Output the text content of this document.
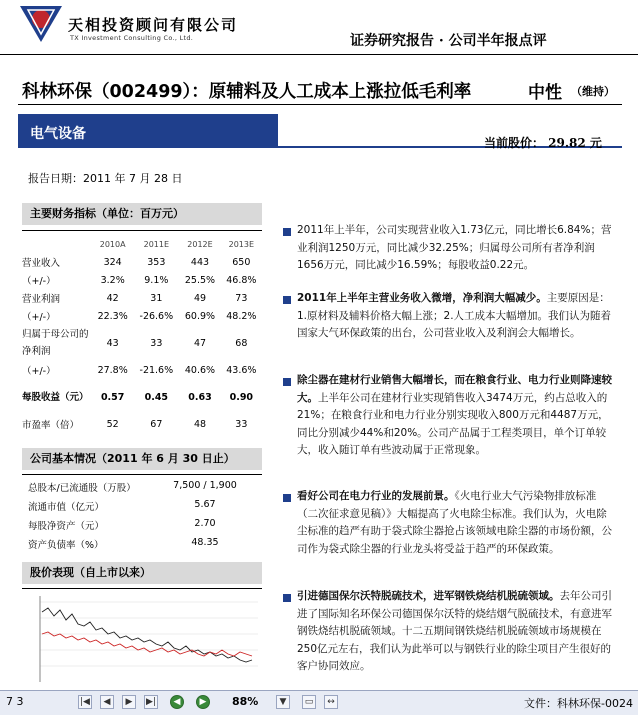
天相投资顾问有限公司
TX Investment Consulting Co., Ltd.	证券研究报告 · 公司半年报点评
科林环保（002499）：原辅料及人工成本上涨拉低毛利率	中性 （维持）
电气设备
当前股价： 29.82 元
报告日期：2011 年 7 月 28 日
主要财务指标（单位：百万元）
	2010A	2011E	2012E	2013E
营业收入	324	353	443	650
（+/-）	3.2%	9.1%	25.5%	46.8%
营业利润	42	31	49	73
（+/-）	22.3%	-26.6%	60.9%	48.2%
归属于母公司的净利润	43	33	47	68
（+/-）	27.8%	-21.6%	40.6%	43.6%
每股收益（元）	0.57	0.45	0.63	0.90
市盈率（倍）	52	67	48	33
公司基本情况（2011 年 6 月 30 日止）
总股本/已流通股（万股）	7,500 / 1,900
流通市值（亿元）	5.67
每股净资产（元）	2.70
资产负债率（%）	48.35
股价表现（自上市以来）
2011年上半年，公司实现营业收入1.73亿元，同比增长6.84%；营业利润1250万元，同比减少32.25%；归属母公司所有者净利润1656万元，同比减少16.59%；每股收益0.22元。
2011年上半年主营业务收入微增，净利润大幅减少。主要原因是：1.原材料及辅料价格大幅上涨；2.人工成本大幅增加。我们认为随着国家大气环保政策的出台，公司营业收入及利润会大幅增长。
除尘器在建材行业销售大幅增长，而在粮食行业、电力行业则降速较大。上半年公司在建材行业实现销售收入3474万元，约占总收入的21%；在粮食行业和电力行业分别实现收入800万元和4487万元，同比分别减少44%和20%。公司产品属于工程类项目，单个订单较大，收入随订单有些波动属于正常现象。
看好公司在电力行业的发展前景。《火电行业大气污染物排放标准（二次征求意见稿）》大幅提高了火电除尘标准。我们认为，火电除尘标准的趋严有助于袋式除尘器抢占该领域电除尘器的市场份额，公司作为袋式除尘器的行业龙头将受益于趋严的环保政策。
引进德国保尔沃特脱硫技术，进军钢铁烧结机脱硫领域。去年公司引进了国际知名环保公司德国保尔沃特的烧结烟气脱硫技术，有意进军钢铁烧结机脱硫领域。十二五期间钢铁烧结机脱硫领域市场规模在250亿元左右，我们认为此举可以与钢铁行业的除尘项目产生很好的客户协同效应。
7 3	|◀	◀	▶	▶|	◀	▶	88%	▼	▭	↔	文件：科林环保-0024
